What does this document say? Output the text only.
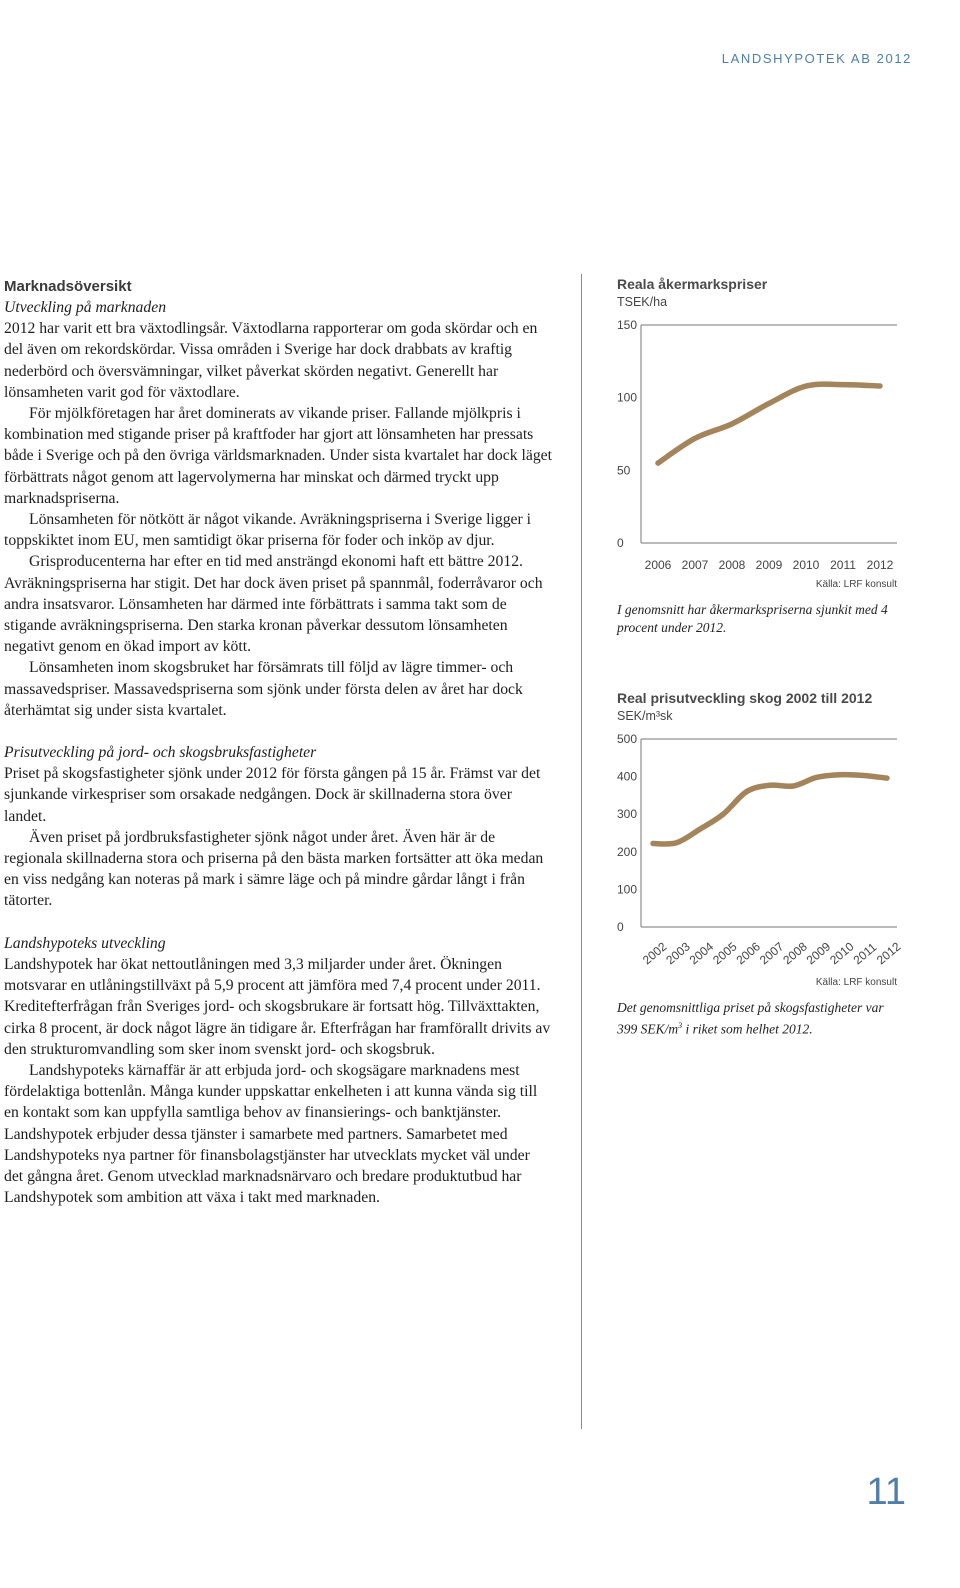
LANDSHYPOTEK AB 2012

Marknadsöversikt

Utveckling på marknaden

2012 har varit ett bra växtodlingsår. Växtodlarna rapporterar om goda skördar och en del även om rekordskördar. Vissa områden i Sverige har dock drabbats av kraftig nederbörd och översvämningar, vilket påverkat skörden negativt. Generellt har lönsamheten varit god för växtodlare.

För mjölkföretagen har året dominerats av vikande priser. Fallande mjölkpris i kombination med stigande priser på kraftfoder har gjort att lönsamheten har pressats både i Sverige och på den övriga världsmarknaden. Under sista kvartalet har dock läget förbättrats något genom att lagervolymerna har minskat och därmed tryckt upp marknadspriserna.

Lönsamheten för nötkött är något vikande. Avräkningspriserna i Sverige ligger i toppskiktet inom EU, men samtidigt ökar priserna för foder och inköp av djur.

Grisproducenterna har efter en tid med ansträngd ekonomi haft ett bättre 2012. Avräkningspriserna har stigit. Det har dock även priset på spannmål, foderråvaror och andra insatsvaror. Lönsamheten har därmed inte förbättrats i samma takt som de stigande avräkningspriserna. Den starka kronan påverkar dessutom lönsamheten negativt genom en ökad import av kött.

Lönsamheten inom skogsbruket har försämrats till följd av lägre timmer- och massavedspriser. Massavedspriserna som sjönk under första delen av året har dock återhämtat sig under sista kvartalet.

Prisutveckling på jord- och skogsbruksfastigheter

Priset på skogsfastigheter sjönk under 2012 för första gången på 15 år. Främst var det sjunkande virkespriser som orsakade nedgången. Dock är skillnaderna stora över landet.

Även priset på jordbruksfastigheter sjönk något under året. Även här är de regionala skillnaderna stora och priserna på den bästa marken fortsätter att öka medan en viss nedgång kan noteras på mark i sämre läge och på mindre gårdar långt i från tätorter.

Landshypoteks utveckling

Landshypotek har ökat nettoutlåningen med 3,3 miljarder under året. Ökningen motsvarar en utlåningstillväxt på 5,9 procent att jämföra med 7,4 procent under 2011. Kreditefterfrågan från Sveriges jord- och skogsbrukare är fortsatt hög. Tillväxttakten, cirka 8 procent, är dock något lägre än tidigare år. Efterfrågan har framförallt drivits av den strukturomvandling som sker inom svenskt jord- och skogsbruk.

Landshypoteks kärnaffär är att erbjuda jord- och skogsägare marknadens mest fördelaktiga bottenlån. Många kunder uppskattar enkelheten i att kunna vända sig till en kontakt som kan uppfylla samtliga behov av finansierings- och banktjänster. Landshypotek erbjuder dessa tjänster i samarbete med partners. Samarbetet med Landshypoteks nya partner för finansbolagstjänster har utvecklats mycket väl under det gångna året. Genom utvecklad marknadsnärvaro och bredare produktutbud har Landshypotek som ambition att växa i takt med marknaden.

Reala åkermarkspriser

TSEK/ha

0
50
100
150
2006 2007 2008 2009 2010 2011 2012
Källa: LRF konsult

I genomsnitt har åkermarkspriserna sjunkit med 4 procent under 2012.

Real prisutveckling skog 2002 till 2012

SEK/m³sk

0
100
200
300
400
500
2002
2003
2004
2005
2006
2007
2008
2009
2010
2011
2012
Källa: LRF konsult

Det genomsnittliga priset på skogsfastigheter var 399 SEK/$m^3$ i riket som helhet 2012.

11
